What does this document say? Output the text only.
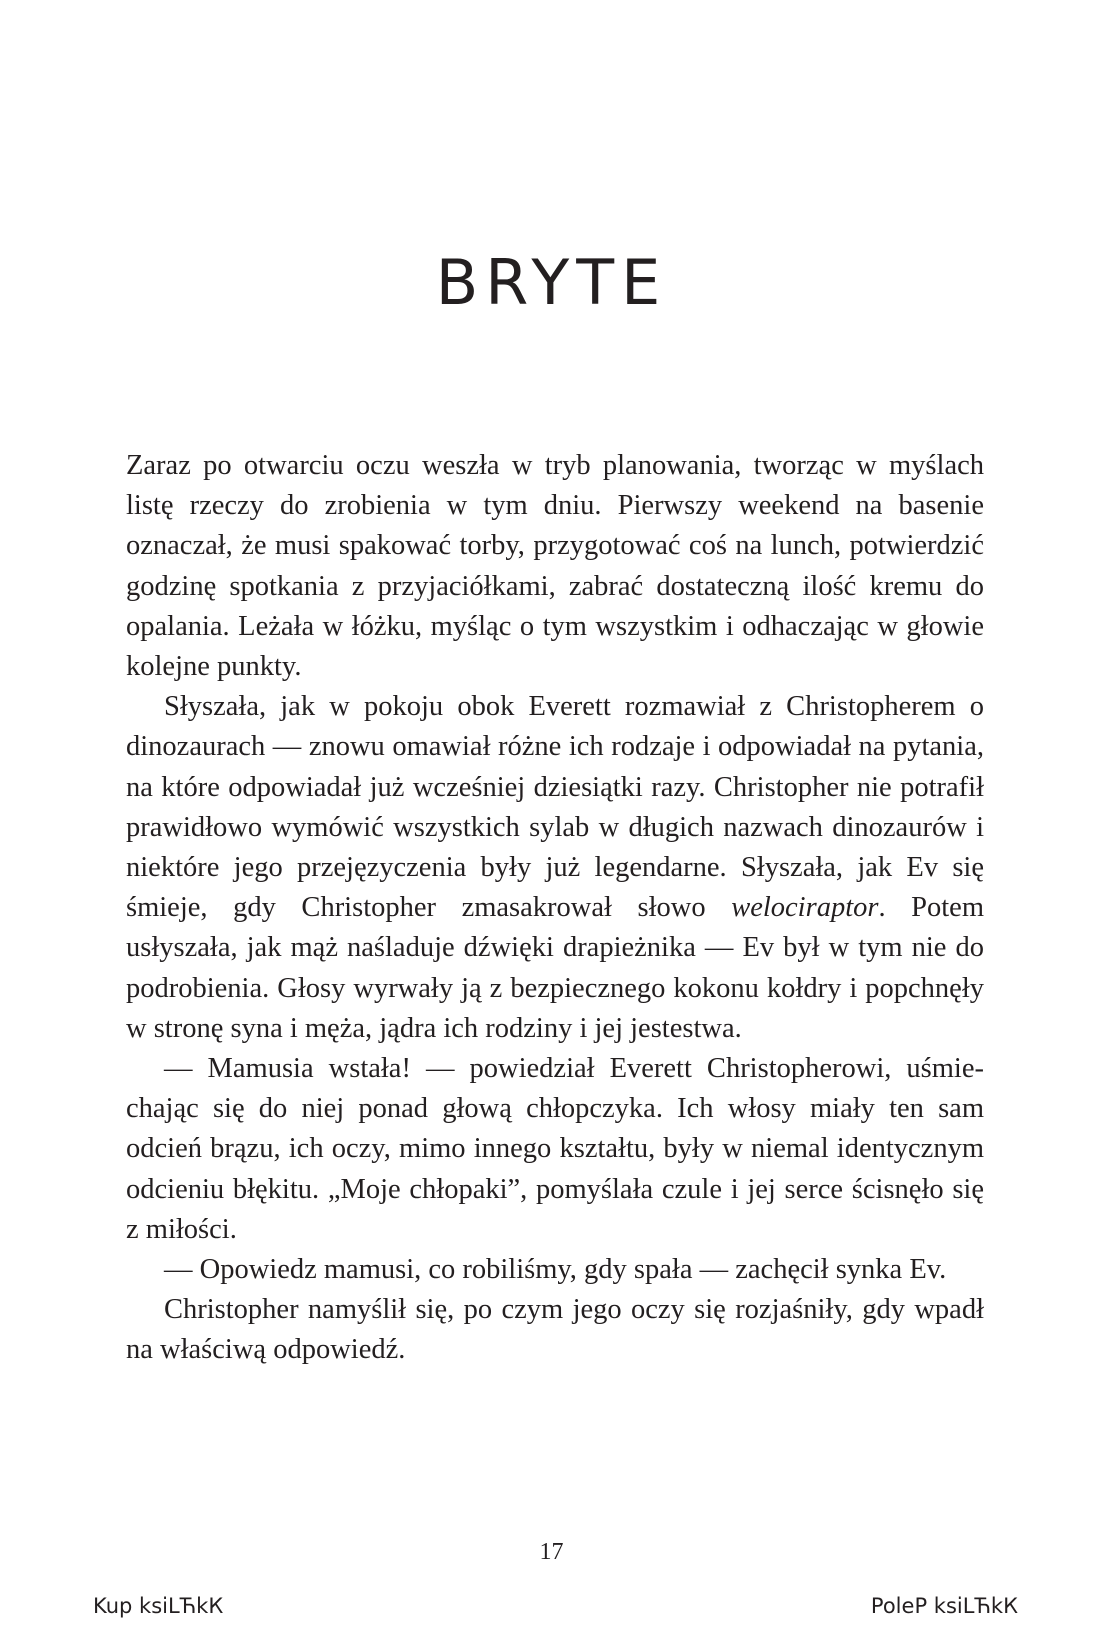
BRYTE

Zaraz po otwarciu oczu weszła w tryb planowania, tworząc w myślach listę rzeczy do zrobienia w tym dniu. Pierwszy weekend na basenie oznaczał, że musi spakować torby, przygotować coś na lunch, potwierdzić godzinę spotkania z przyjaciółkami, zabrać dostateczną ilość kremu do opalania. Leżała w łóżku, myśląc o tym wszystkim i odhaczając w głowie kolejne punkty.

Słyszała, jak w pokoju obok Everett rozmawiał z Christopherem o dinozaurach — znowu omawiał różne ich rodzaje i odpowiadał na pytania, na które odpowiadał już wcześniej dziesiątki razy. Christopher nie potrafił prawidłowo wymówić wszystkich sylab w długich nazwach dinozaurów i niektóre jego przejęzyczenia były już legendarne. Słyszała, jak Ev się śmieje, gdy Christopher zmasakrował słowo welociraptor. Potem usłyszała, jak mąż naśladuje dźwięki drapieżnika — Ev był w tym nie do podrobienia. Głosy wyrwały ją z bezpiecznego kokonu kołdry i popchnęły w stronę syna i męża, jądra ich rodziny i jej jestestwa.

— Mamusia wstała! — powiedział Everett Christopherowi, uśmiechając się do niej ponad głową chłopczyka. Ich włosy miały ten sam odcień brązu, ich oczy, mimo innego kształtu, były w niemal identycznym odcieniu błękitu. „Moje chłopaki”, pomyślała czule i jej serce ścisnęło się z miłości.

— Opowiedz mamusi, co robiliśmy, gdy spała — zachęcił synka Ev.

Christopher namyślił się, po czym jego oczy się rozjaśniły, gdy wpadł na właściwą odpowiedź.

17
Kup ksiLЋkК	PoleР ksiLЋkК
